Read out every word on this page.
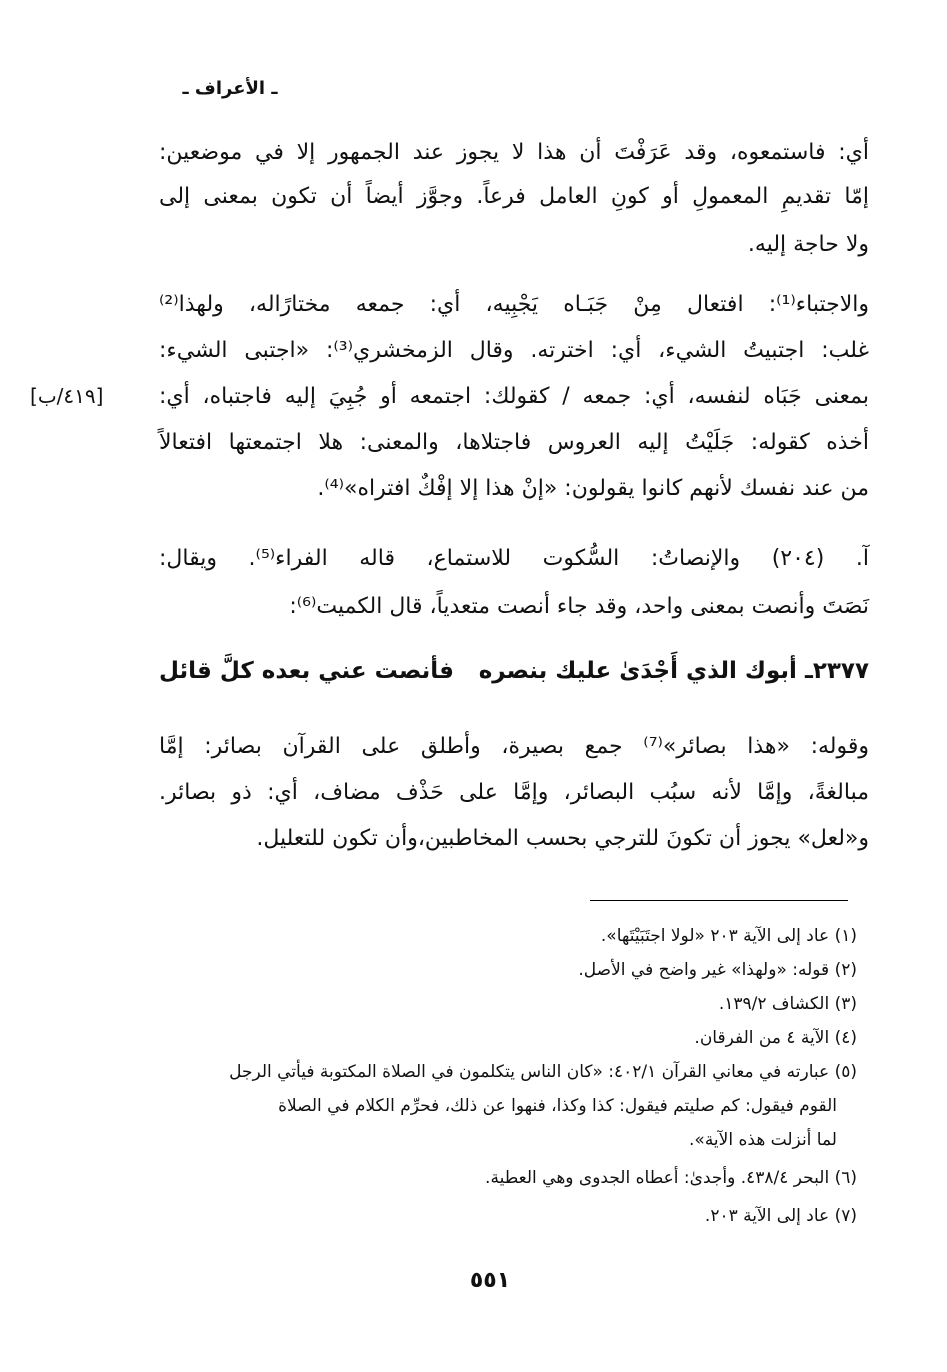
ـ الأعراف ـ
أي: فاستمعوه، وقد عَرَفْتَ أن هذا لا يجوز عند الجمهور إلا في موضعين:
إمّا تقديمِ المعمولِ أو كونِ العامل فرعاً. وجوَّز أيضاً أن تكون بمعنى إلى
ولا حاجة إليه.
والاجتباء⁽¹⁾: افتعال مِنْ جَبَـاه يَجْبِيه، أي: جمعه مختارًاله، ولهذا⁽²⁾
غلب: اجتبيتُ الشيء، أي: اخترته. وقال الزمخشري⁽³⁾: «اجتبى الشيء:
بمعنى جَبَاه لنفسه، أي: جمعه / كقولك: اجتمعه أو جُبِيَ إليه فاجتباه، أي:
[٤١٩/ب]
أخذه كقوله: جَلَيْتُ إليه العروس فاجتلاها، والمعنى: هلا اجتمعتها افتعالاً
من عند نفسك لأنهم كانوا يقولون: «إنْ هذا إلا إفْكٌ افتراه»⁽⁴⁾.
آ. (٢٠٤) والإنصاتُ: السُّكوت للاستماع، قاله الفراء⁽⁵⁾. ويقال:
نَصَتَ وأنصت بمعنى واحد، وقد جاء أنصت متعدياً، قال الكميت⁽⁶⁾:
٢٣٧٧ـ أبوك الذي أَجْدَىٰ عليك بنصره
فأنصت عني بعده كلَّ قائل
وقوله: «هذا بصائر»⁽⁷⁾ جمع بصيرة، وأطلق على القرآن بصائر: إمَّا
مبالغةً، وإمَّا لأنه سبُب البصائر، وإمَّا على حَذْف مضاف، أي: ذو بصائر.
و«لعل» يجوز أن تكونَ للترجي بحسب المخاطبين،وأن تكون للتعليل.
(١) عاد إلى الآية ٢٠٣ «لولا اجتَبَيْتَها».
(٢) قوله: «ولهذا» غير واضح في الأصل.
(٣) الكشاف ١٣٩/٢.
(٤) الآية ٤ من الفرقان.
(٥) عبارته في معاني القرآن ٤٠٢/١: «كان الناس يتكلمون في الصلاة المكتوبة فيأتي الرجل
القوم فيقول: كم صليتم فيقول: كذا وكذا، فنهوا عن ذلك، فحرِّم الكلام في الصلاة
لما أنزلت هذه الآية».
(٦) البحر ٤٣٨/٤. وأجدىٰ: أعطاه الجدوى وهي العطية.
(٧) عاد إلى الآية ٢٠٣.
٥٥١
